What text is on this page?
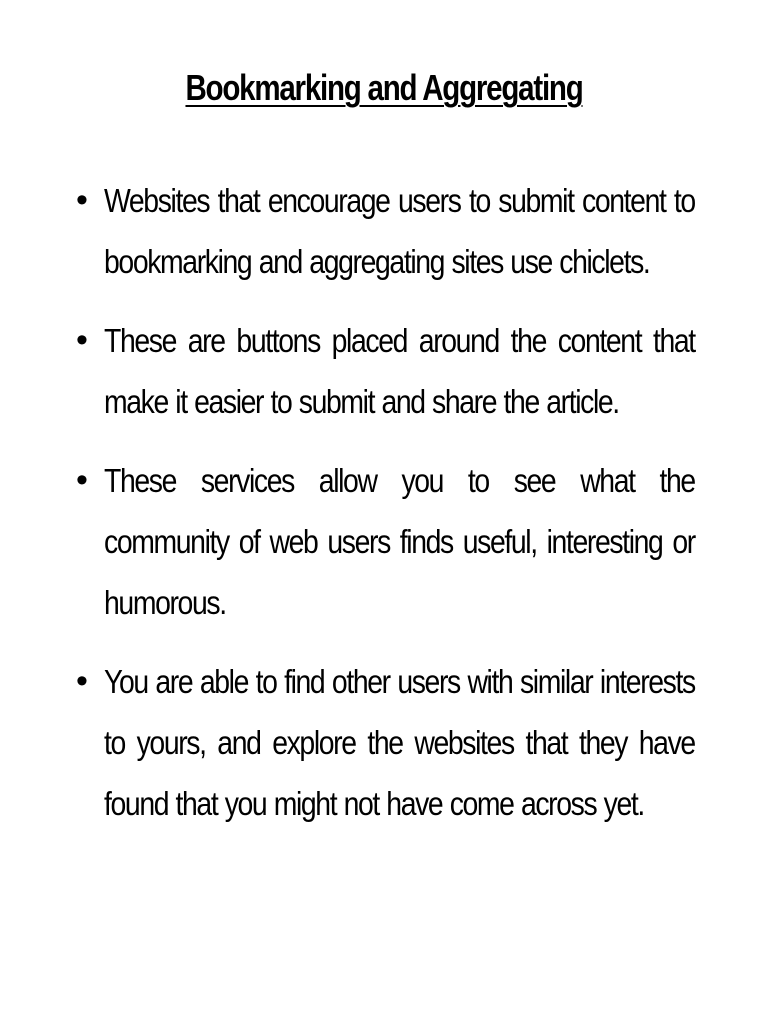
Bookmarking and Aggregating
• Websites that encourage users to submit content to bookmarking and aggregating sites use chiclets.
• These are buttons placed around the content that make it easier to submit and share the article.
• These services allow you to see what the community of web users finds useful, interesting or humorous.
• You are able to find other users with similar interests to yours, and explore the websites that they have found that you might not have come across yet.
